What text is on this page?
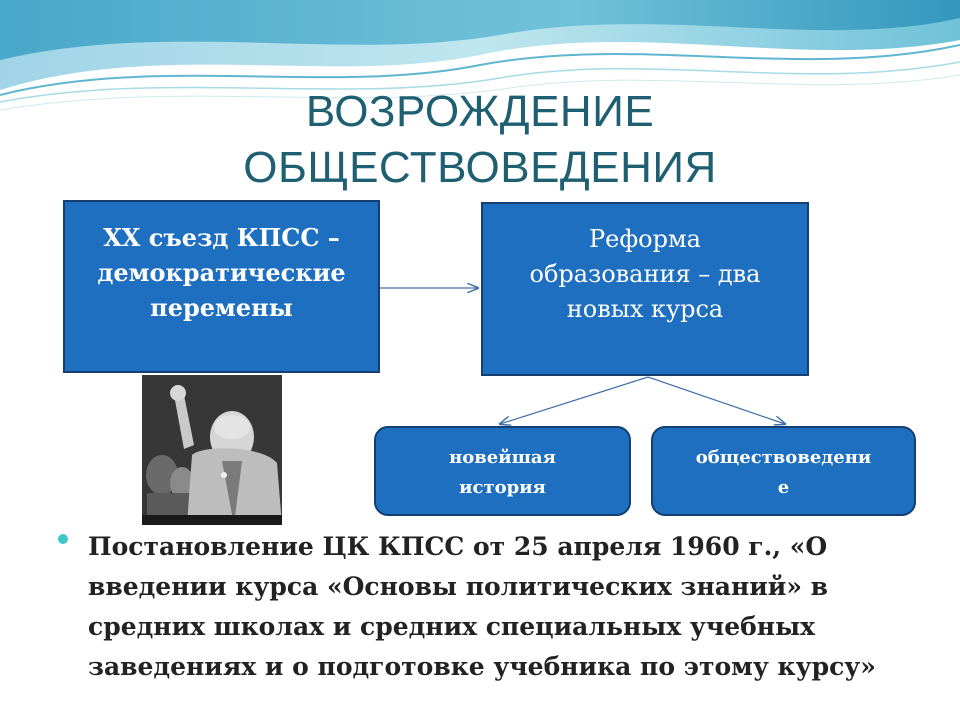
ВОЗРОЖДЕНИЕ
ОБЩЕСТВОВЕДЕНИЯ
XX съезд КПСС –
демократические
перемены
Реформа
образования – два
новых курса
новейшая
история
обществоведени
е
Постановление ЦК КПСС от 25 апреля 1960 г., «О введении курса «Основы политических знаний» в средних школах и средних специальных учебных заведениях и о подготовке учебника по этому курсу»
